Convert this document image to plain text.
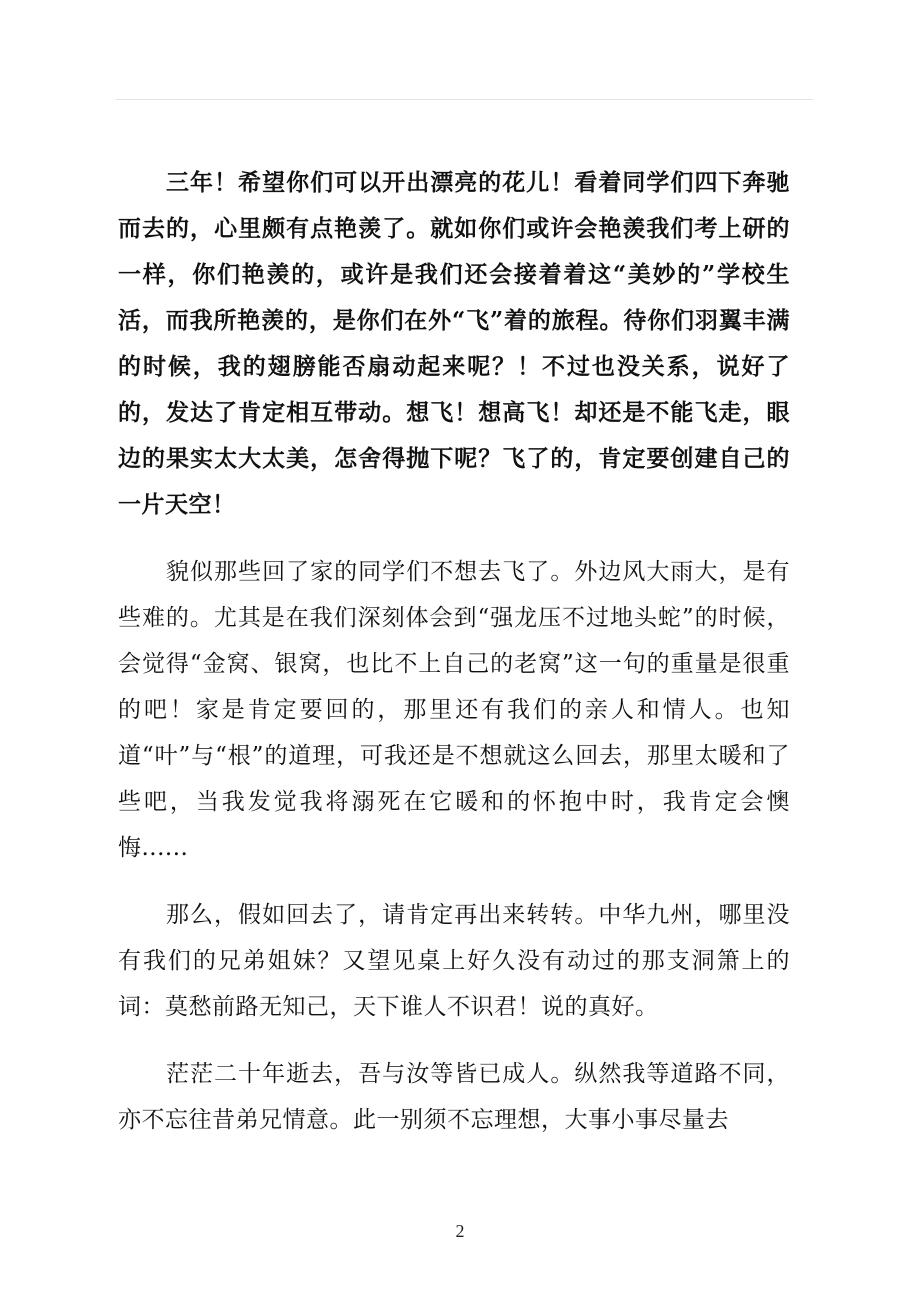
三年！希望你们可以开出漂亮的花儿！看着同学们四下奔驰而去的，心里颇有点艳羡了。就如你们或许会艳羡我们考上研的一样，你们艳羡的，或许是我们还会接着着这“美妙的”学校生活，而我所艳羡的，是你们在外“飞”着的旅程。待你们羽翼丰满的时候，我的翅膀能否扇动起来呢？！不过也没关系，说好了的，发达了肯定相互带动。想飞！想高飞！却还是不能飞走，眼边的果实太大太美，怎舍得抛下呢？飞了的，肯定要创建自己的一片天空！

貌似那些回了家的同学们不想去飞了。外边风大雨大，是有些难的。尤其是在我们深刻体会到“强龙压不过地头蛇”的时候，会觉得“金窝、银窝，也比不上自己的老窝”这一句的重量是很重的吧！家是肯定要回的，那里还有我们的亲人和情人。也知道“叶”与“根”的道理，可我还是不想就这么回去，那里太暖和了些吧，当我发觉我将溺死在它暖和的怀抱中时，我肯定会懊悔......

那么，假如回去了，请肯定再出来转转。中华九州，哪里没有我们的兄弟姐妹？又望见桌上好久没有动过的那支洞箫上的词：莫愁前路无知己，天下谁人不识君！说的真好。

茫茫二十年逝去，吾与汝等皆已成人。纵然我等道路不同，亦不忘往昔弟兄情意。此一别须不忘理想，大事小事尽量去

2
